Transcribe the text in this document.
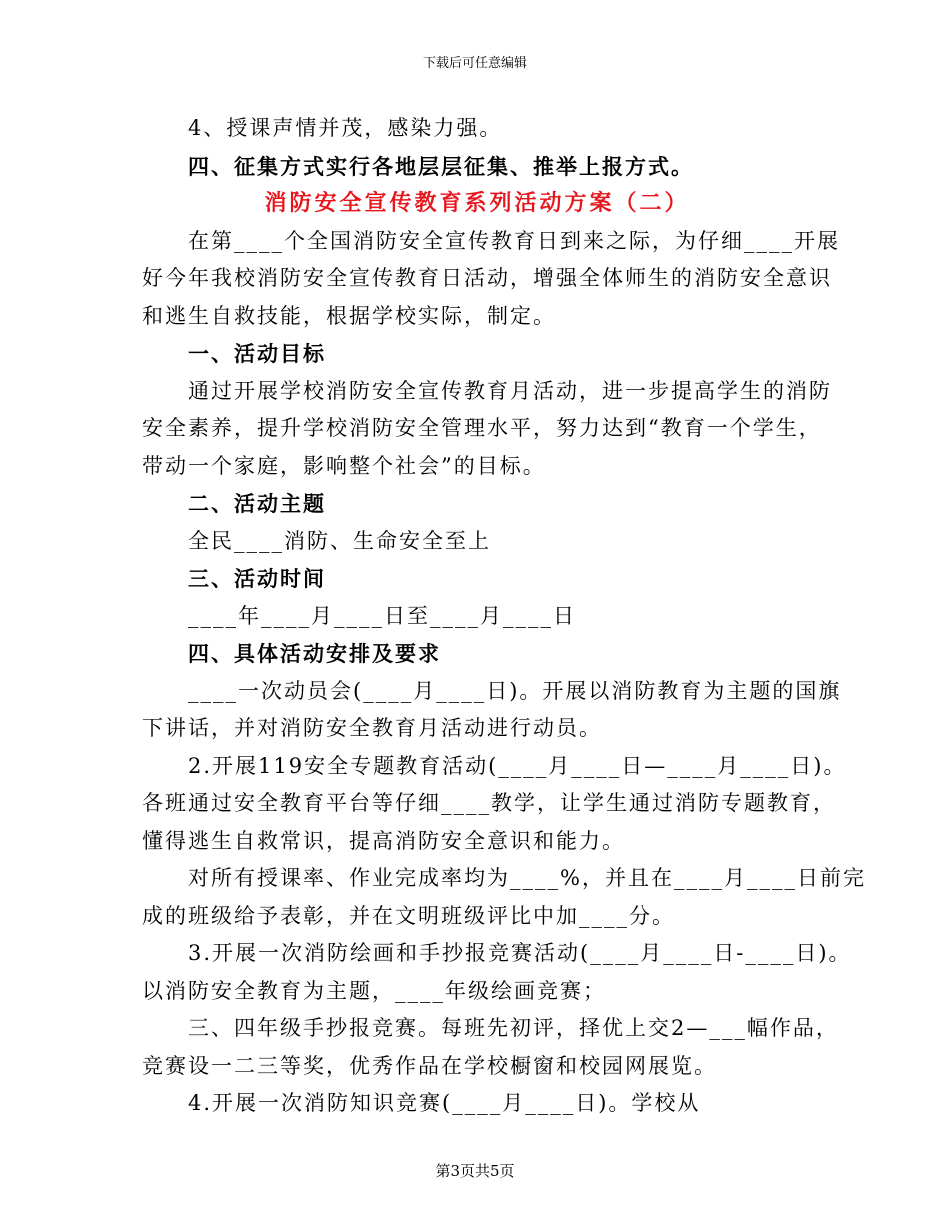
下载后可任意编辑
4、授课声情并茂，感染力强。
四、征集方式实行各地层层征集、推举上报方式。
消防安全宣传教育系列活动方案（二）
在第____个全国消防安全宣传教育日到来之际，为仔细____开展
好今年我校消防安全宣传教育日活动，增强全体师生的消防安全意识
和逃生自救技能，根据学校实际，制定。
一、活动目标
通过开展学校消防安全宣传教育月活动，进一步提高学生的消防
安全素养，提升学校消防安全管理水平，努力达到“教育一个学生，
带动一个家庭，影响整个社会”的目标。
二、活动主题
全民____消防、生命安全至上
三、活动时间
____年____月____日至____月____日
四、具体活动安排及要求
____一次动员会(____月____日)。开展以消防教育为主题的国旗
下讲话，并对消防安全教育月活动进行动员。
2.开展119安全专题教育活动(____月____日—____月____日)。
各班通过安全教育平台等仔细____教学，让学生通过消防专题教育，
懂得逃生自救常识，提高消防安全意识和能力。
对所有授课率、作业完成率均为____%，并且在____月____日前完
成的班级给予表彰，并在文明班级评比中加____分。
3.开展一次消防绘画和手抄报竞赛活动(____月____日-____日)。
以消防安全教育为主题，____年级绘画竞赛；
三、四年级手抄报竞赛。每班先初评，择优上交2—___幅作品，
竞赛设一二三等奖，优秀作品在学校橱窗和校园网展览。
4.开展一次消防知识竞赛(____月____日)。学校从
第3页共5页
